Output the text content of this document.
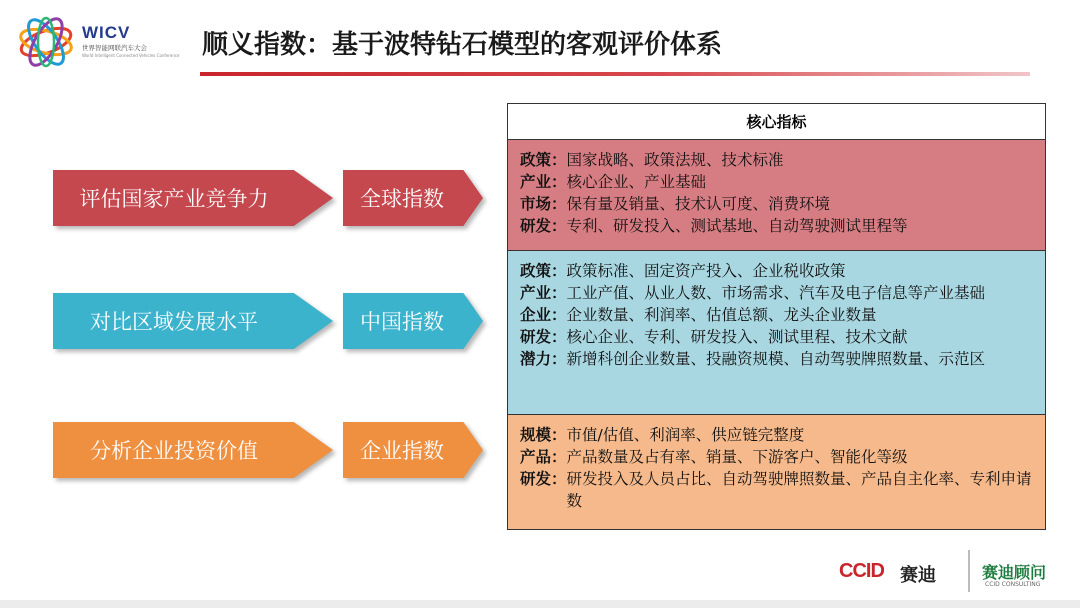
WICV
世界智能网联汽车大会
World Intelligent Connected Vehicles Conference 顺义指数：基于波特钻石模型的客观评价体系
评估国家产业竞争力	全球指数
对比区域发展水平	中国指数
分析企业投资价值	企业指数
核心指标
政策： 国家战略、政策法规、技术标准
产业： 核心企业、产业基础
市场： 保有量及销量、技术认可度、消费环境
研发： 专利、研发投入、测试基地、自动驾驶测试里程等
政策： 政策标准、固定资产投入、企业税收政策
产业： 工业产值、从业人数、市场需求、汽车及电子信息等产业基础
企业： 企业数量、利润率、估值总额、龙头企业数量
研发： 核心企业、专利、研发投入、测试里程、技术文献
潜力： 新增科创企业数量、投融资规模、自动驾驶牌照数量、示范区
规模： 市值/估值、利润率、供应链完整度
产品： 产品数量及占有率、销量、下游客户、智能化等级
研发： 研发投入及人员占比、自动驾驶牌照数量、产品自主化率、专利申请数
CCID 赛迪	赛迪顾问
CCID CONSULTING
